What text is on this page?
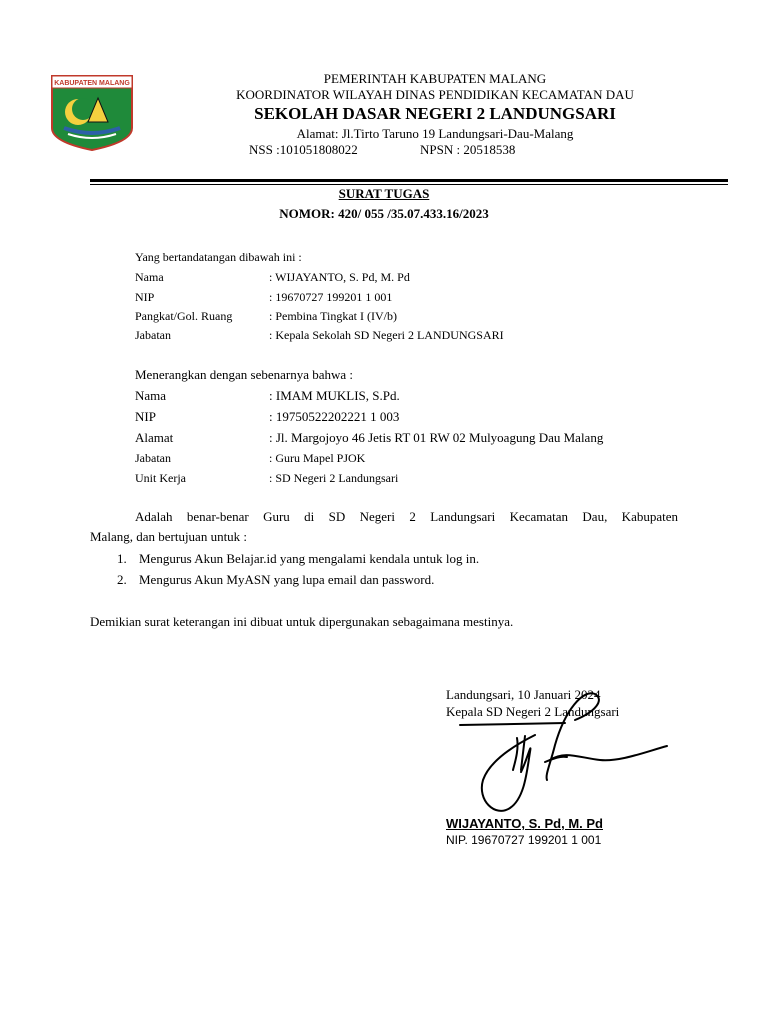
KABUPATEN MALANG	PEMERINTAH KABUPATEN MALANG
KOORDINATOR WILAYAH DINAS PENDIDIKAN KECAMATAN DAU
SEKOLAH DASAR NEGERI 2 LANDUNGSARI
Alamat: Jl.Tirto Taruno 19 Landungsari-Dau-Malang
NSS :101051808022	NPSN : 20518538
SURAT TUGAS
NOMOR: 420/ 055 /35.07.433.16/2023
Yang bertandatangan dibawah ini :
Nama	: WIJAYANTO, S. Pd, M. Pd
NIP	: 19670727 199201 1 001
Pangkat/Gol. Ruang	: Pembina Tingkat I (IV/b)
Jabatan	: Kepala Sekolah SD Negeri 2 LANDUNGSARI
Menerangkan dengan sebenarnya bahwa :
Nama	: IMAM MUKLIS, S.Pd.
NIP	: 19750522202221 1 003
Alamat	: Jl. Margojoyo 46 Jetis RT 01 RW 02 Mulyoagung Dau Malang
Jabatan	: Guru Mapel PJOK
Unit Kerja	: SD Negeri 2 Landungsari
Adalah benar-benar Guru di SD Negeri 2 Landungsari Kecamatan Dau, Kabupaten
Malang, dan bertujuan untuk :
1. Mengurus Akun Belajar.id yang mengalami kendala untuk log in.
2. Mengurus Akun MyASN yang lupa email dan password.
Demikian surat keterangan ini dibuat untuk dipergunakan sebagaimana mestinya.
Landungsari, 10 Januari 2024
Kepala SD Negeri 2 Landungsari
WIJAYANTO, S. Pd, M. Pd
NIP. 19670727 199201 1 001
